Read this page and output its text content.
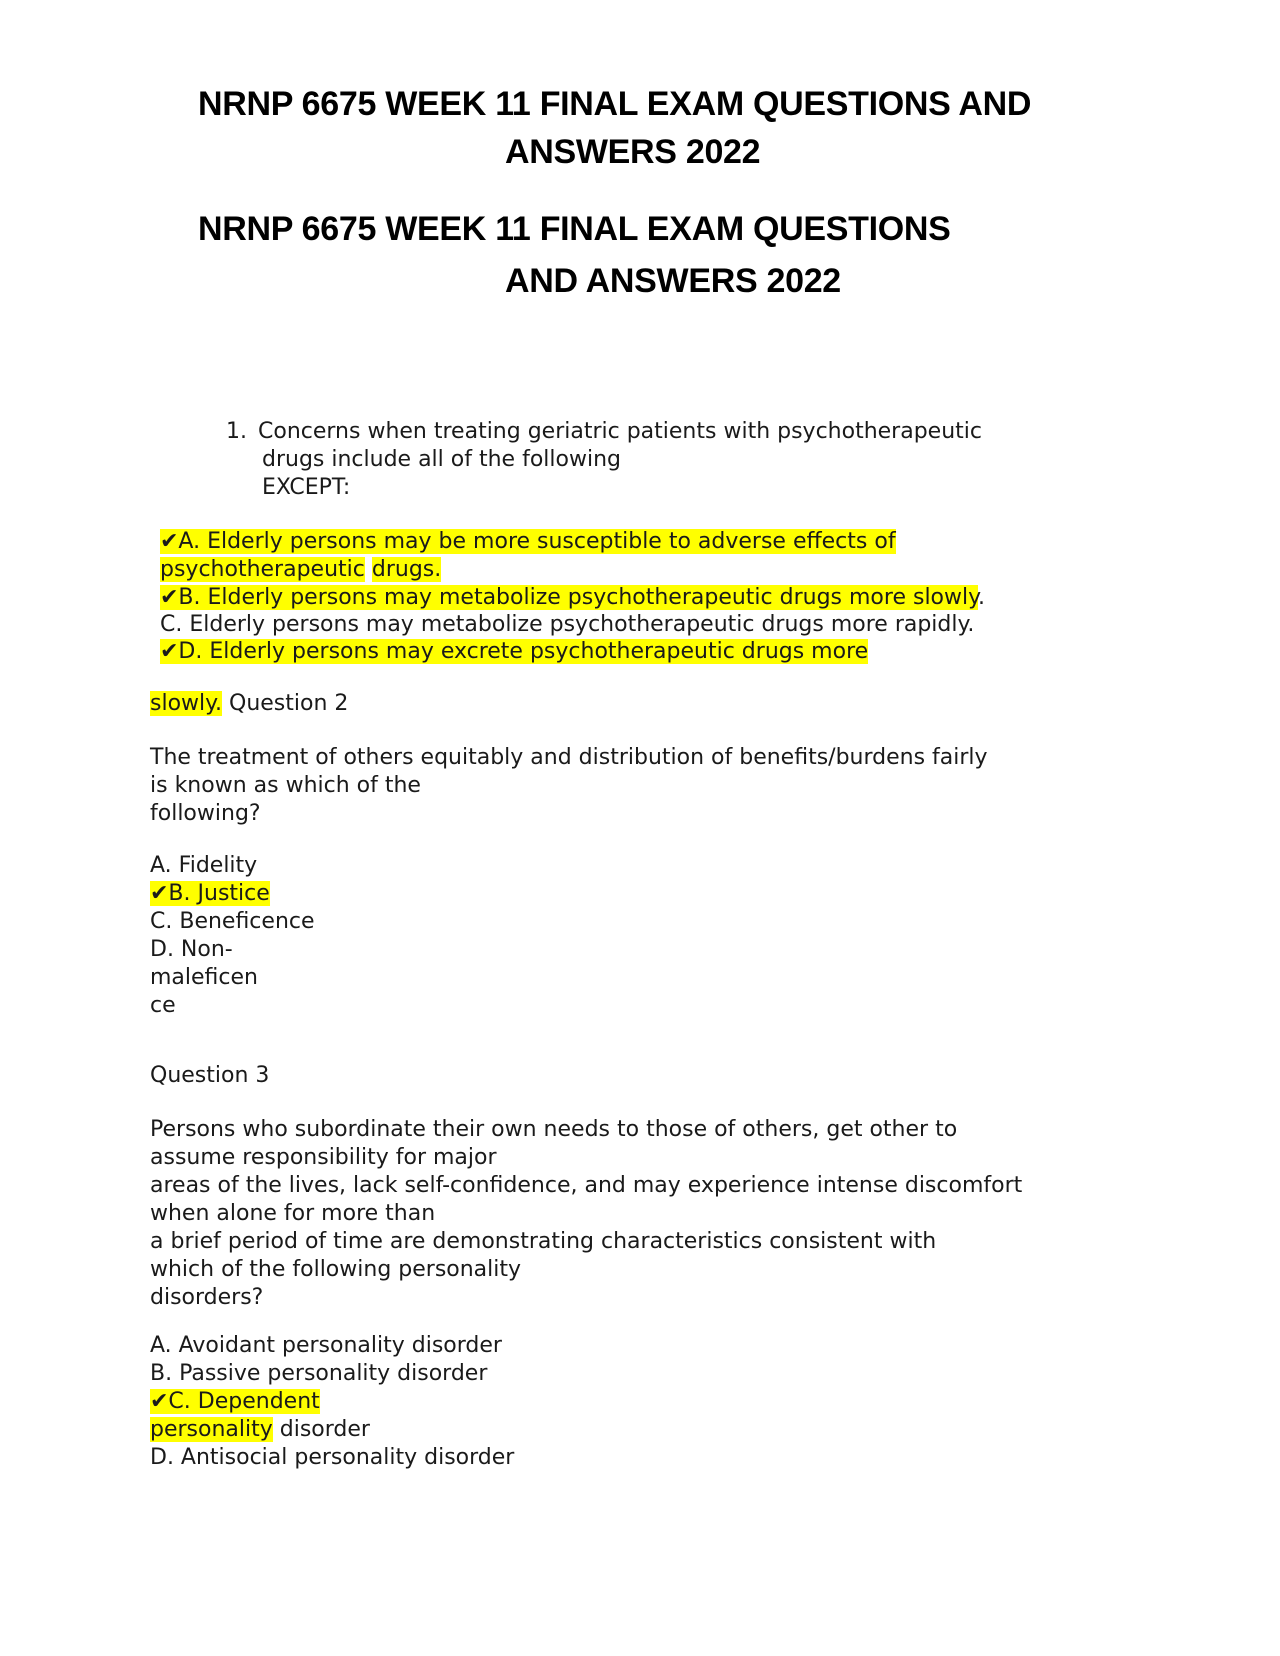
NRNP 6675 WEEK 11 FINAL EXAM QUESTIONS AND
ANSWERS 2022
NRNP 6675 WEEK 11 FINAL EXAM QUESTIONS
AND ANSWERS 2022

1. Concerns when treating geriatric patients with psychotherapeutic

drugs include all of the following

EXCEPT:

✔A. Elderly persons may be more susceptible to adverse effects of

psychotherapeutic drugs.

✔B. Elderly persons may metabolize psychotherapeutic drugs more slowly.

C. Elderly persons may metabolize psychotherapeutic drugs more rapidly.

✔D. Elderly persons may excrete psychotherapeutic drugs more

slowly. Question 2

The treatment of others equitably and distribution of benefits/burdens fairly

is known as which of the

following?

A. Fidelity

✔B. Justice

C. Beneficence

D. Non-

maleficen

ce

Question 3

Persons who subordinate their own needs to those of others, get other to

assume responsibility for major

areas of the lives, lack self-confidence, and may experience intense discomfort

when alone for more than

a brief period of time are demonstrating characteristics consistent with

which of the following personality

disorders?

A. Avoidant personality disorder

B. Passive personality disorder

✔C. Dependent

personality disorder

D. Antisocial personality disorder
